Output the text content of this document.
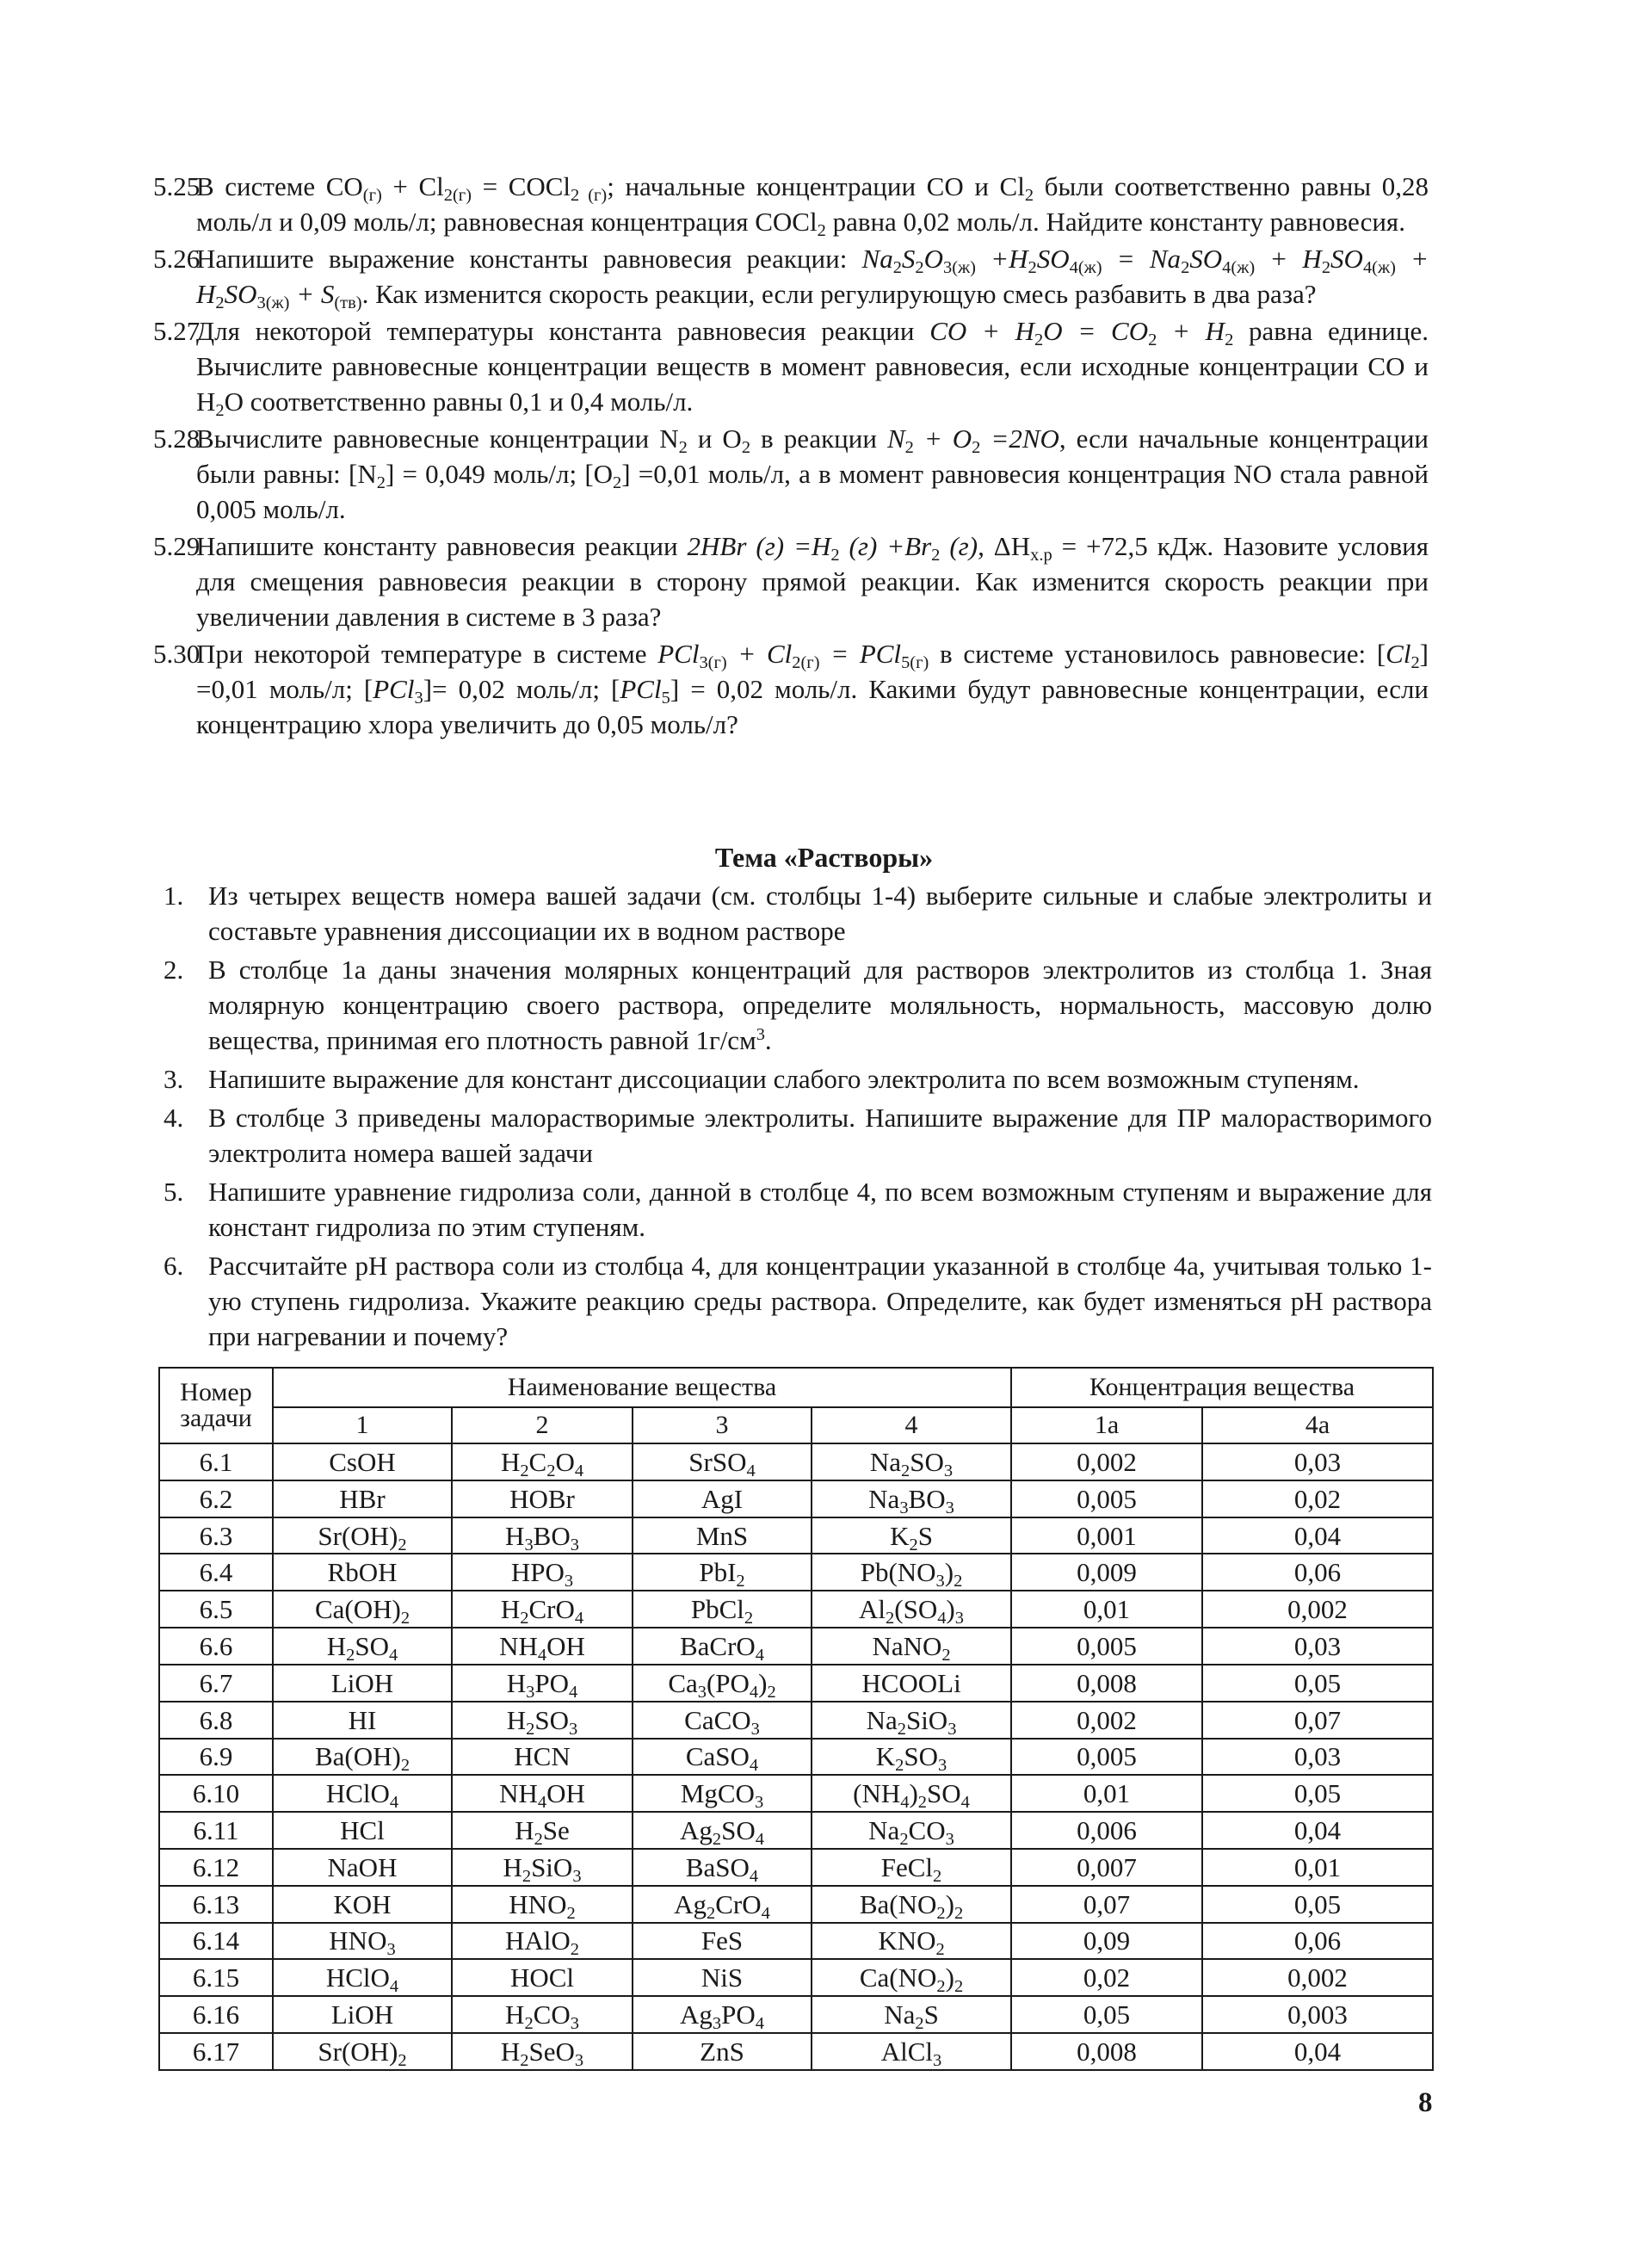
5.25
В системе $CO_{(г)} + Cl_{2(г)}$ = COCl$_{2 (г)}$; начальные концентрации CO и $Cl_2$ были соответственно равны 0,28 моль/л и 0,09 моль/л; равновесная концентрация COCl$_2$ равна 0,02 моль/л. Найдите константу равновесия.
5.26
Напишите выражение константы равновесия реакции: $Na_2S_2O_{3(ж)} +H_2SO_{4(ж)} = Na_2SO_{4(ж)} + H_2SO_{4(ж)} + H_2SO_{3(ж)} + S_{(тв)}$. Как изменится скорость реакции, если регулирующую смесь разбавить в два раза?
5.27
Для некоторой температуры константа равновесия реакции CO + $H_2O = CO_2 + H_2$ равна единице. Вычислите равновесные концентрации веществ в момент равновесия, если исходные концентрации CO и $H_2O$ соответственно равны 0,1 и 0,4 моль/л.
5.28
Вычислите равновесные концентрации $N_2$ и $O_2$ в реакции $N_2 + O_2 =2NO$, если начальные концентрации были равны: $[N_2] = 0,049$ моль/л; $[O_2] =0,01$ моль/л, а в момент равновесия концентрация NO стала равной 0,005 моль/л.
5.29
Напишите константу равновесия реакции 2HBr $(г) =H_2$ $(г) +Br_2$ (г), $\Delta H_{х.р} = +72,5$ кДж. Назовите условия для смещения равновесия реакции в сторону прямой реакции. Как изменится скорость реакции при увеличении давления в системе в 3 раза?
5.30
При некоторой температуре в системе $PCl_{3(г)} + Cl_{2(г)} = PCl_{5(г)}$ в системе установилось равновесие: $[Cl_2] =0,01$ моль/л; [PCl$_3$]= 0,02 моль/л; [PCl$_5$] = 0,02 моль/л. Какими будут равновесные концентрации, если концентрацию хлора увеличить до 0,05 моль/л?
Тема «Растворы»
1. Из четырех веществ номера вашей задачи (см. столбцы 1-4) выберите сильные и слабые электролиты и составьте уравнения диссоциации их в водном растворе
2. В столбце 1а даны значения молярных концентраций для растворов электролитов из столбца 1. Зная молярную концентрацию своего раствора, определите моляльность, нормальность, массовую долю вещества, принимая его плотность равной $1г/см^3$.
3. Напишите выражение для констант диссоциации слабого электролита по всем возможным ступеням.
4. В столбце 3 приведены малорастворимые электролиты. Напишите выражение для ПР малорастворимого электролита номера вашей задачи
5. Напишите уравнение гидролиза соли, данной в столбце 4, по всем возможным ступеням и выражение для констант гидролиза по этим ступеням.
6. Рассчитайте pH раствора соли из столбца 4, для концентрации указанной в столбце 4а, учитывая только 1-ую ступень гидролиза. Укажите реакцию среды раствора. Определите, как будет изменяться pH раствора при нагревании и почему?
Номер
задачи	Наименование вещества				Концентрация вещества	
	1	2	3	4	1а	4а
6.1	CsOH	$H_2C_2O_4$	SrSO$_4$	$Na_2SO_3$	0,002	0,03
6.2	HBr	HOBr	AgI	$Na_3BO_3$	0,005	0,02
6.3	$Sr(OH)_2$	$H_3BO_3$	MnS	$K_2S$	0,001	0,04
6.4	RbOH	$HPO_3$	PbI$_2$	$Pb(NO_3)_2$	0,009	0,06
6.5	$Ca(OH)_2$	$H_2CrO_4$	PbCl$_2$	$Al_2(SO_4)_3$	0,01	0,002
6.6	$H_2SO_4$	$NH_4OH$	BaCrO$_4$	NaNO$_2$	0,005	0,03
6.7	LiOH	$H_3PO_4$	$Ca_3(PO_4)_2$	HCOOLi	0,008	0,05
6.8	HI	$H_2SO_3$	CaCO$_3$	$Na_2SiO_3$	0,002	0,07
6.9	$Ba(OH)_2$	HCN	CaSO$_4$	$K_2SO_3$	0,005	0,03
6.10	HClO$_4$	$NH_4OH$	MgCO$_3$	$(NH_4)_2SO_4$	0,01	0,05
6.11	HCl	$H_2Se$	$Ag_2SO_4$	$Na_2CO_3$	0,006	0,04
6.12	NaOH	$H_2SiO_3$	BaSO$_4$	FeCl$_2$	0,007	0,01
6.13	KOH	$HNO_2$	$Ag_2CrO_4$	$Ba(NO_2)_2$	0,07	0,05
6.14	$HNO_3$	HAlO$_2$	FeS	$KNO_2$	0,09	0,06
6.15	HClO$_4$	HOCl	NiS	$Ca(NO_2)_2$	0,02	0,002
6.16	LiOH	$H_2CO_3$	$Ag_3PO_4$	$Na_2S$	0,05	0,003
6.17	$Sr(OH)_2$	$H_2SeO_3$	ZnS	AlCl$_3$	0,008	0,04
8
